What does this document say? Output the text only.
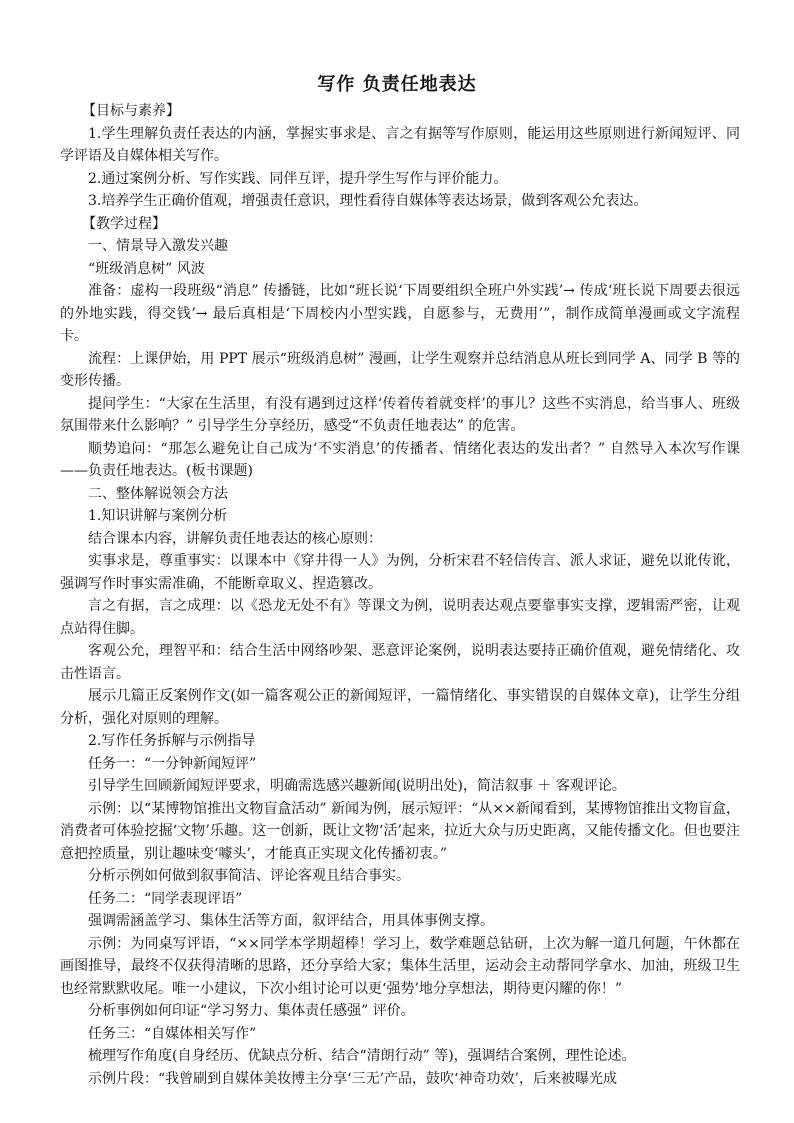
写作 负责任地表达

【目标与素养】

1.学生理解负责任表达的内涵，掌握实事求是、言之有据等写作原则，能运用这些原则进行新闻短评、同学评语及自媒体相关写作。

2.通过案例分析、写作实践、同伴互评，提升学生写作与评价能力。

3.培养学生正确价值观，增强责任意识，理性看待自媒体等表达场景，做到客观公允表达。

【教学过程】

一、情景导入激发兴趣

“班级消息树” 风波

准备：虚构一段班级“消息” 传播链，比如“班长说‘下周要组织全班户外实践’→ 传成‘班长说下周要去很远的外地实践，得交钱’→ 最后真相是‘下周校内小型实践，自愿参与，无费用’”，制作成简单漫画或文字流程卡。

流程：上课伊始，用 PPT 展示“班级消息树” 漫画，让学生观察并总结消息从班长到同学 A、同学 B 等的变形传播。

提问学生：“大家在生活里，有没有遇到过这样‘传着传着就变样’的事儿？这些不实消息，给当事人、班级氛围带来什么影响？” 引导学生分享经历，感受“不负责任地表达” 的危害。

顺势追问：“那怎么避免让自己成为‘不实消息’的传播者、情绪化表达的发出者？” 自然导入本次写作课——负责任地表达。(板书课题)

二、整体解说领会方法

1.知识讲解与案例分析

结合课本内容，讲解负责任地表达的核心原则：

实事求是，尊重事实：以课本中《穿井得一人》为例，分析宋君不轻信传言、派人求证，避免以讹传讹，强调写作时事实需准确，不能断章取义、捏造篡改。

言之有据，言之成理：以《恐龙无处不有》等课文为例，说明表达观点要靠事实支撑，逻辑需严密，让观点站得住脚。

客观公允，理智平和：结合生活中网络吵架、恶意评论案例，说明表达要持正确价值观，避免情绪化、攻击性语言。

展示几篇正反案例作文(如一篇客观公正的新闻短评，一篇情绪化、事实错误的自媒体文章)，让学生分组分析，强化对原则的理解。

2.写作任务拆解与示例指导

任务一：“一分钟新闻短评”

引导学生回顾新闻短评要求，明确需选感兴趣新闻(说明出处)，简洁叙事 ＋ 客观评论。

示例：以“某博物馆推出文物盲盒活动” 新闻为例，展示短评：“从××新闻看到，某博物馆推出文物盲盒，消费者可体验挖掘‘文物’乐趣。这一创新，既让文物‘活’起来，拉近大众与历史距离，又能传播文化。但也要注意把控质量，别让趣味变‘噱头’，才能真正实现文化传播初衷。”

分析示例如何做到叙事简洁、评论客观且结合事实。

任务二：“同学表现评语”

强调需涵盖学习、集体生活等方面，叙评结合，用具体事例支撑。

示例：为同桌写评语，“××同学本学期超棒！学习上，数学难题总钻研，上次为解一道几何题，午休都在画图推导，最终不仅获得清晰的思路，还分享给大家；集体生活里，运动会主动帮同学拿水、加油，班级卫生也经常默默收尾。唯一小建议，下次小组讨论可以更‘强势’地分享想法，期待更闪耀的你！”

分析事例如何印证“学习努力、集体责任感强” 评价。

任务三：“自媒体相关写作”

梳理写作角度(自身经历、优缺点分析、结合“清朗行动” 等)，强调结合案例，理性论述。

示例片段：“我曾刷到自媒体美妆博主分享‘三无’产品，鼓吹‘神奇功效’，后来被曝光成
